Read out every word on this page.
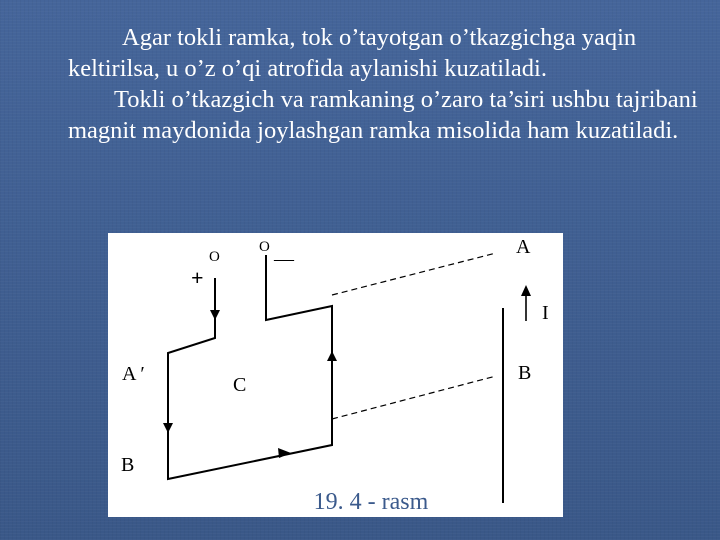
Agar tokli ramka, tok o’tayotgan o’tkazgichga yaqin keltirilsa, u o’z o’qi atrofida aylanishi kuzatiladi.

Tokli o’tkazgich va ramkaning o’zaro ta’siri ushbu tajribani magnit maydonida joylashgan ramka misolida ham kuzatiladi.

O
O
+
—
A
I
A ′	B
C
B
19. 4 - rasm
